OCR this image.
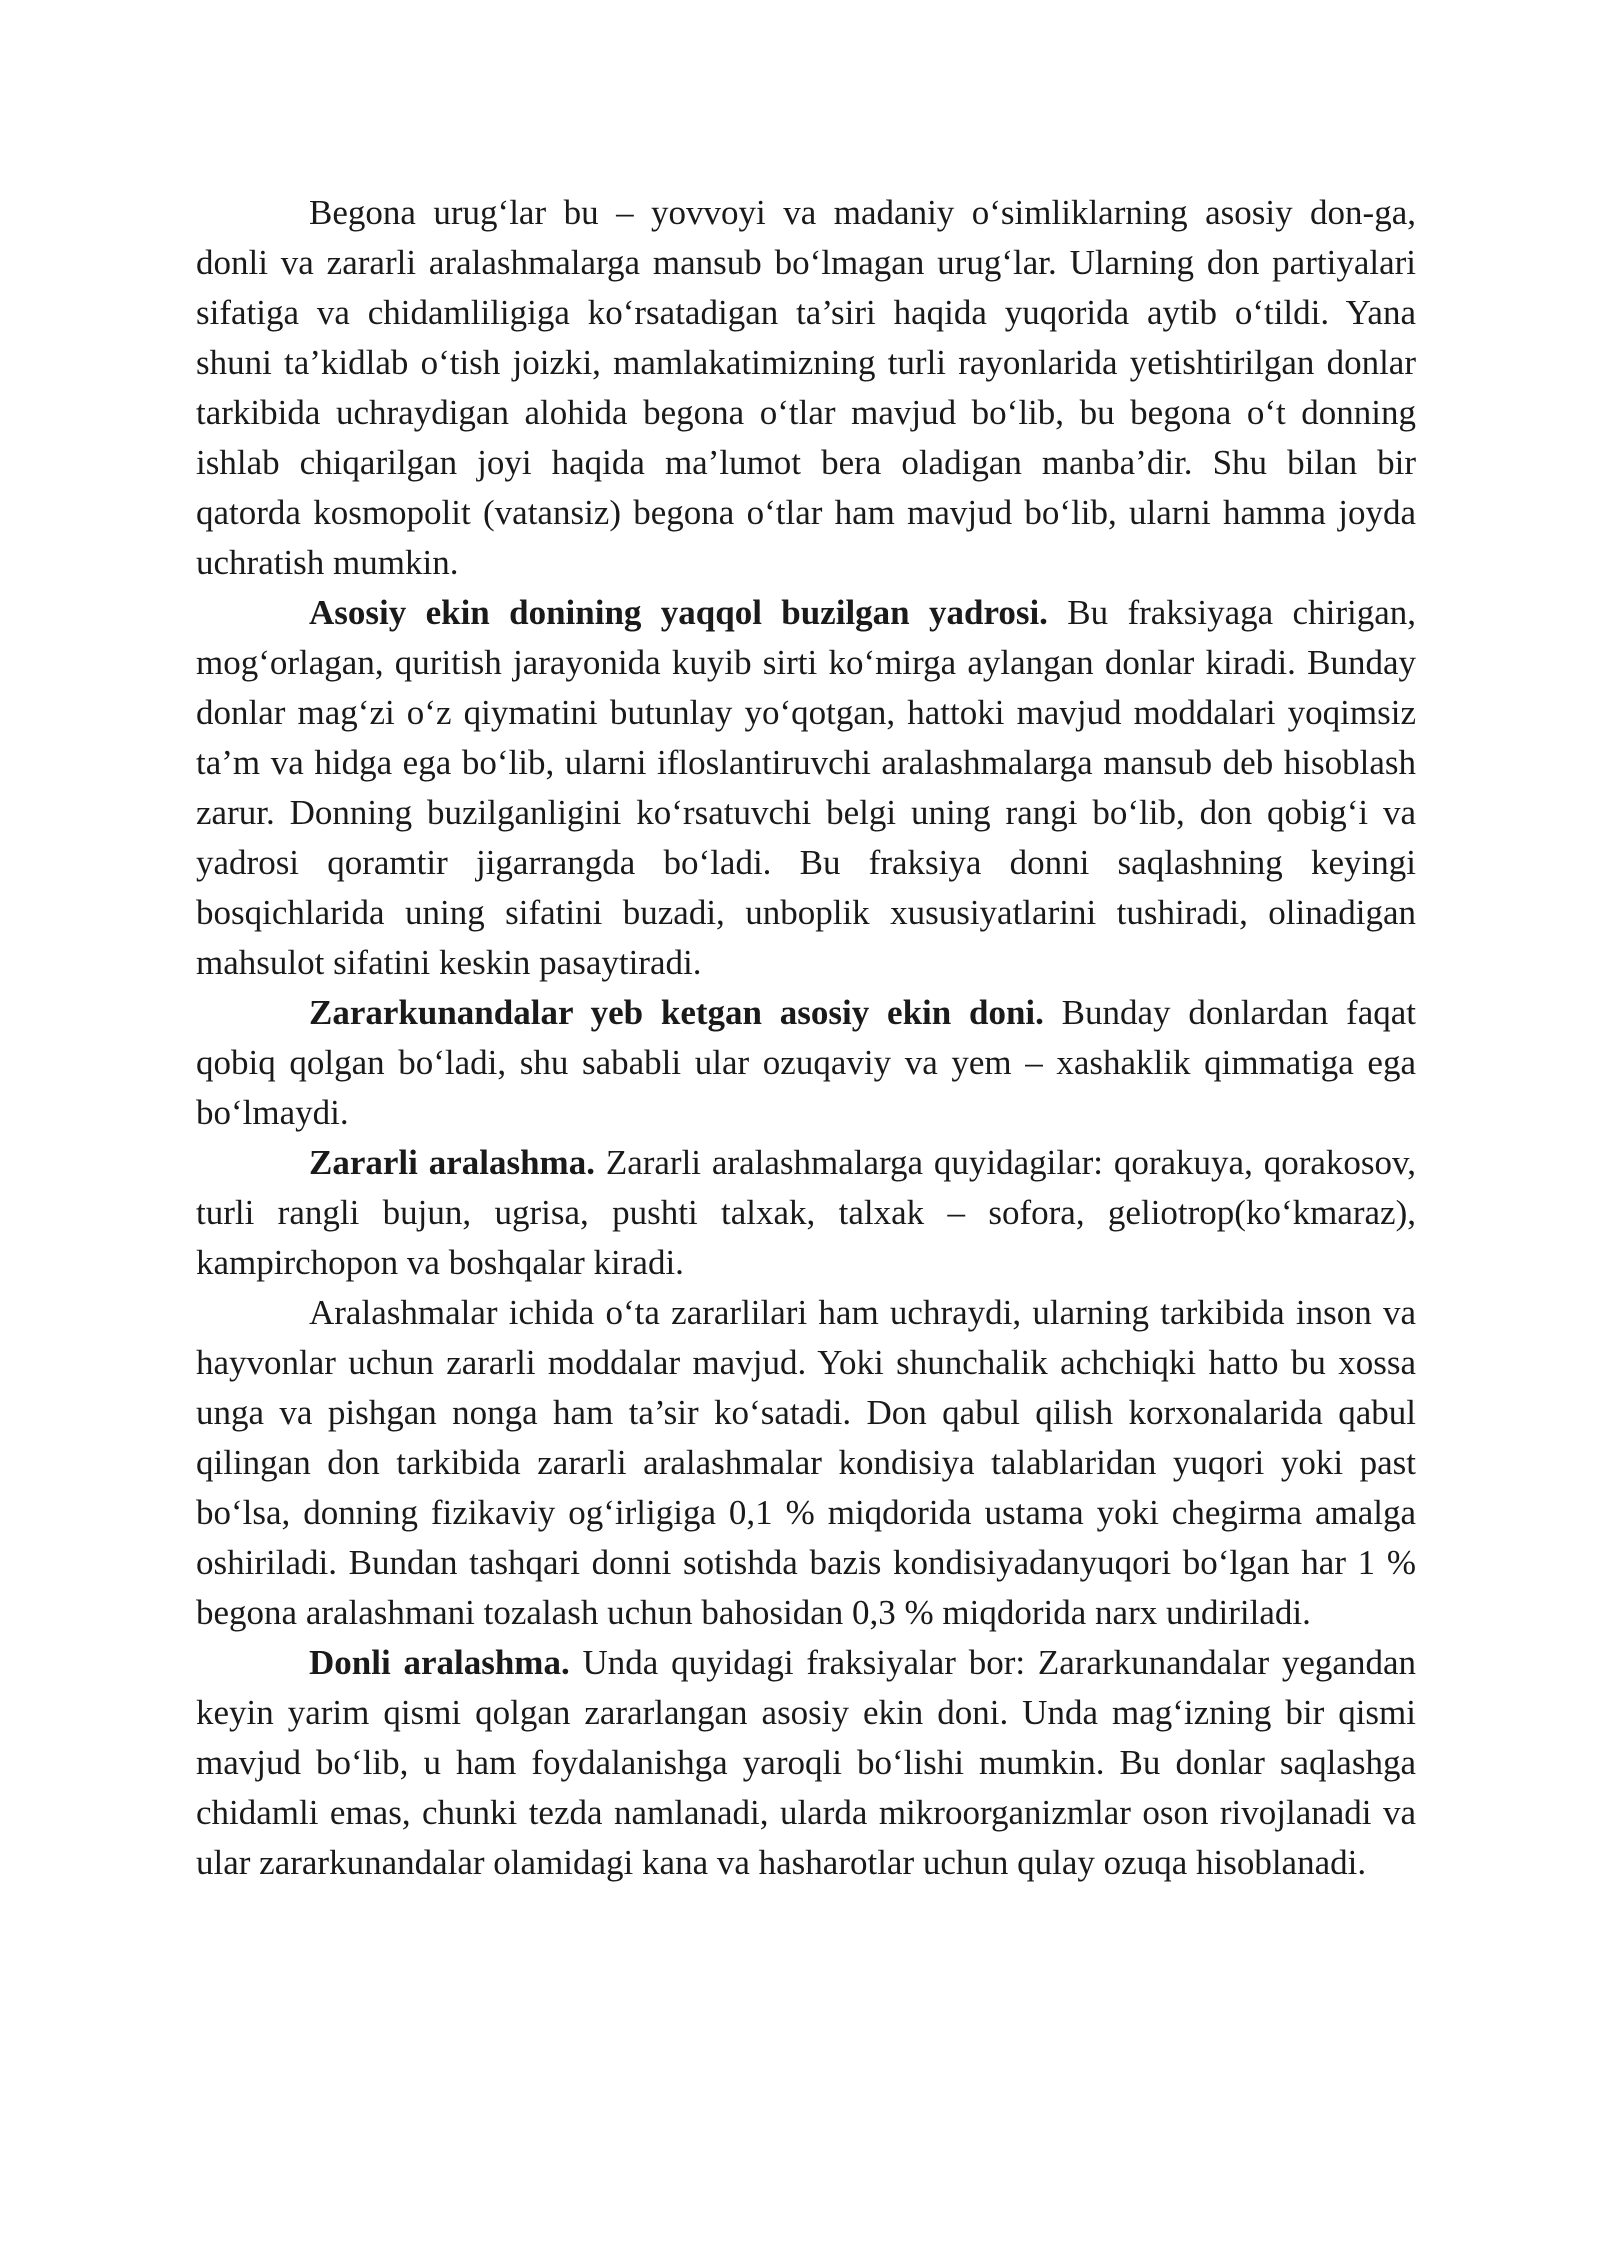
Begona urug‘lar bu – yovvoyi va madaniy o‘simliklarning asosiy don-ga, donli va zararli aralashmalarga mansub bo‘lmagan urug‘lar. Ularning don partiyalari sifatiga va chidamliligiga ko‘rsatadigan ta’siri haqida yuqorida aytib o‘tildi. Yana shuni ta’kidlab o‘tish joizki, mamlakatimizning turli rayonlarida yetishtirilgan donlar tarkibida uchraydigan alohida begona o‘tlar mavjud bo‘lib, bu begona o‘t donning ishlab chiqarilgan joyi haqida ma’lumot bera oladigan manba’dir. Shu bilan bir qatorda kosmopolit (vatansiz) begona o‘tlar ham mavjud bo‘lib, ularni hamma joyda uchratish mumkin.

Asosiy ekin donining yaqqol buzilgan yadrosi. Bu fraksiyaga chirigan, mog‘orlagan, quritish jarayonida kuyib sirti ko‘mirga aylangan donlar kiradi. Bunday donlar mag‘zi o‘z qiymatini butunlay yo‘qotgan, hattoki mavjud moddalari yoqimsiz ta’m va hidga ega bo‘lib, ularni ifloslantiruvchi aralashmalarga mansub deb hisoblash zarur. Donning buzilganligini ko‘rsatuvchi belgi uning rangi bo‘lib, don qobig‘i va yadrosi qoramtir jigarrangda bo‘ladi. Bu fraksiya donni saqlashning keyingi bosqichlarida uning sifatini buzadi, unboplik xususiyatlarini tushiradi, olinadigan mahsulot sifatini keskin pasaytiradi.

Zararkunandalar yeb ketgan asosiy ekin doni. Bunday donlardan faqat qobiq qolgan bo‘ladi, shu sababli ular ozuqaviy va yem – xashaklik qimmatiga ega bo‘lmaydi.

Zararli aralashma. Zararli aralashmalarga quyidagilar: qorakuya, qorakosov, turli rangli bujun, ugrisa, pushti talxak, talxak – sofora, geliotrop(ko‘kmaraz), kampirchopon va boshqalar kiradi.

Aralashmalar ichida o‘ta zararlilari ham uchraydi, ularning tarkibida inson va hayvonlar uchun zararli moddalar mavjud. Yoki shunchalik achchiqki hatto bu xossa unga va pishgan nonga ham ta’sir ko‘satadi. Don qabul qilish korxonalarida qabul qilingan don tarkibida zararli aralashmalar kondisiya talablaridan yuqori yoki past bo‘lsa, donning fizikaviy og‘irligiga 0,1 % miqdorida ustama yoki chegirma amalga oshiriladi. Bundan tashqari donni sotishda bazis kondisiyadanyuqori bo‘lgan har 1 % begona aralashmani tozalash uchun bahosidan 0,3 % miqdorida narx undiriladi.

Donli aralashma. Unda quyidagi fraksiyalar bor: Zararkunandalar yegandan keyin yarim qismi qolgan zararlangan asosiy ekin doni. Unda mag‘izning bir qismi mavjud bo‘lib, u ham foydalanishga yaroqli bo‘lishi mumkin. Bu donlar saqlashga chidamli emas, chunki tezda namlanadi, ularda mikroorganizmlar oson rivojlanadi va ular zararkunandalar olamidagi kana va hasharotlar uchun qulay ozuqa hisoblanadi.
